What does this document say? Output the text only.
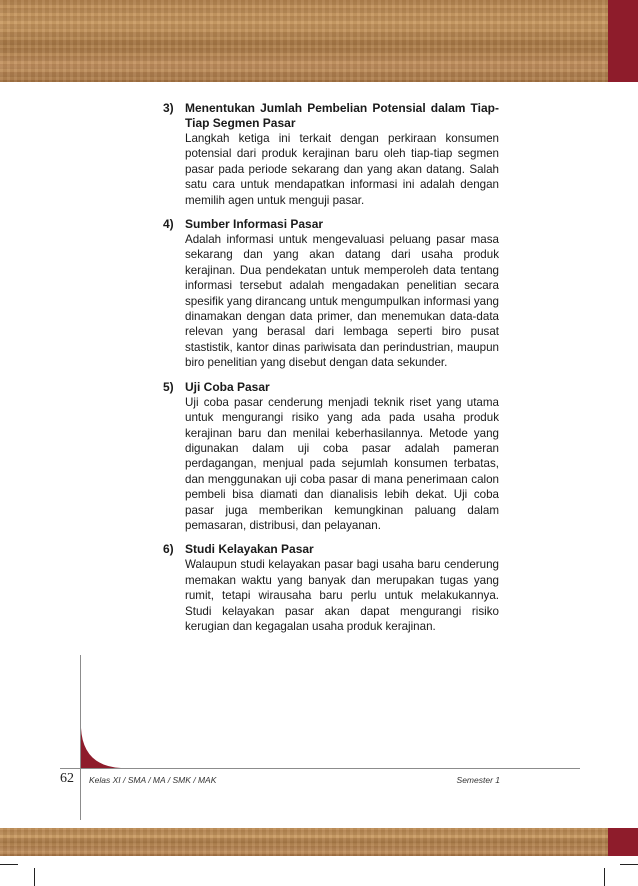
3) Menentukan Jumlah Pembelian Potensial dalam Tiap-Tiap Segmen Pasar
Langkah ketiga ini terkait dengan perkiraan konsumen potensial dari produk kerajinan baru oleh tiap-tiap segmen pasar pada periode sekarang dan yang akan datang. Salah satu cara untuk mendapatkan informasi ini adalah dengan memilih agen untuk menguji pasar.
4) Sumber Informasi Pasar
Adalah informasi untuk mengevaluasi peluang pasar masa sekarang dan yang akan datang dari usaha produk kerajinan. Dua pendekatan untuk memperoleh data tentang informasi tersebut adalah mengadakan penelitian secara spesifik yang dirancang untuk mengumpulkan informasi yang dinamakan dengan data primer, dan menemukan data-data relevan yang berasal dari lembaga seperti biro pusat stastistik, kantor dinas pariwisata dan perindustrian, maupun biro penelitian yang disebut dengan data sekunder.
5) Uji Coba Pasar
Uji coba pasar cenderung menjadi teknik riset yang utama untuk mengurangi risiko yang ada pada usaha produk kerajinan baru dan menilai keberhasilannya. Metode yang digunakan dalam uji coba pasar adalah pameran perdagangan, menjual pada sejumlah konsumen terbatas, dan menggunakan uji coba pasar di mana penerimaan calon pembeli bisa diamati dan dianalisis lebih dekat. Uji coba pasar juga memberikan kemungkinan paluang dalam pemasaran, distribusi, dan pelayanan.
6) Studi Kelayakan Pasar
Walaupun studi kelayakan pasar bagi usaha baru cenderung memakan waktu yang banyak dan merupakan tugas yang rumit, tetapi wirausaha baru perlu untuk melakukannya. Studi kelayakan pasar akan dapat mengurangi risiko kerugian dan kegagalan usaha produk kerajinan.
62 Kelas XI / SMA / MA / SMK / MAK	Semester 1
